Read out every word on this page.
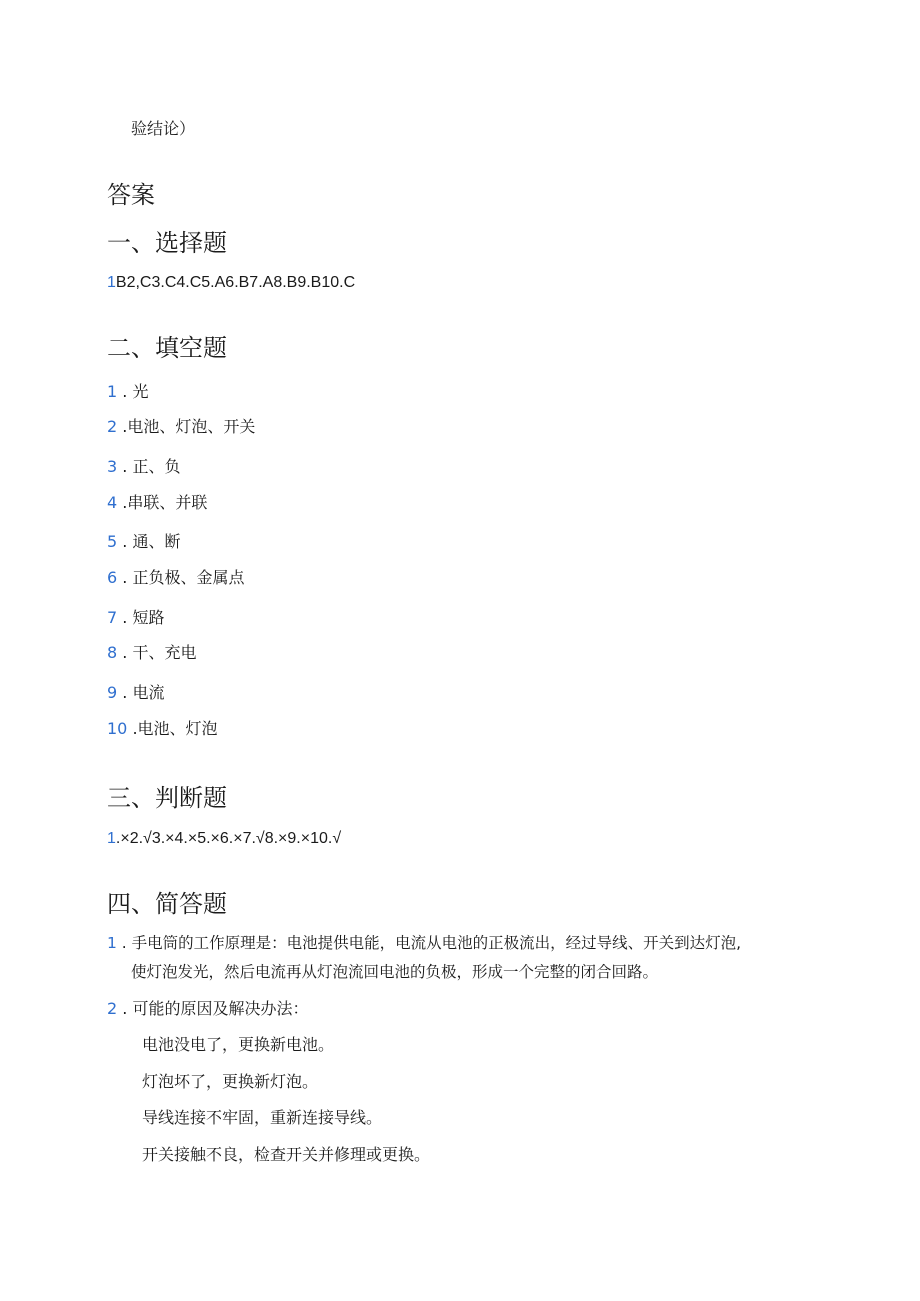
验结论）
答案
一、选择题
1B2,C3.C4.C5.A6.B7.A8.B9.B10.C
二、填空题
1 . 光
2 .电池、灯泡、开关
3 . 正、负
4 .串联、并联
5 . 通、断
6 . 正负极、金属点
7 . 短路
8 . 干、充电
9 . 电流
10 .电池、灯泡
三、判断题
1.×2.√3.×4.×5.×6.×7.√8.×9.×10.√
四、简答题
1 . 手电筒的工作原理是：电池提供电能，电流从电池的正极流出，经过导线、开关到达灯泡,
使灯泡发光，然后电流再从灯泡流回电池的负极，形成一个完整的闭合回路。
2 . 可能的原因及解决办法：
电池没电了，更换新电池。
灯泡坏了，更换新灯泡。
导线连接不牢固，重新连接导线。
开关接触不良，检查开关并修理或更换。
